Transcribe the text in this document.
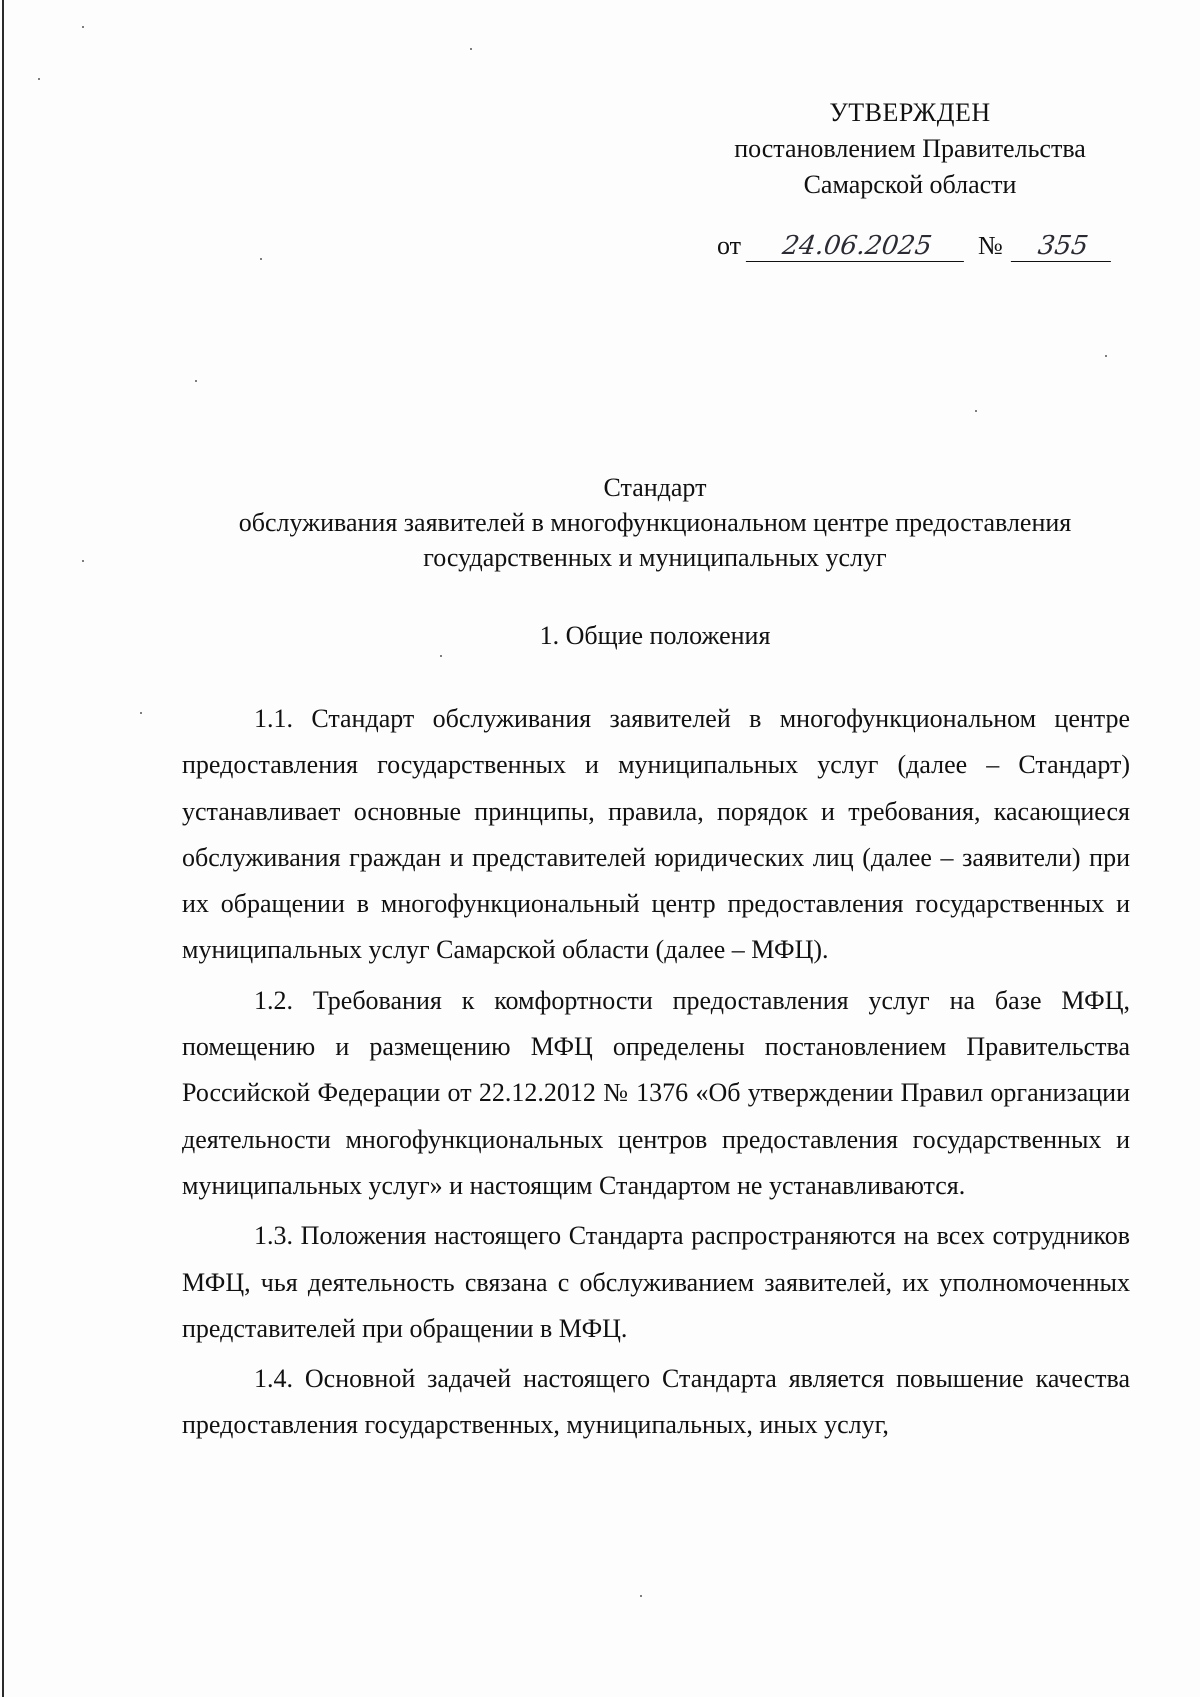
УТВЕРЖДЕН
постановлением Правительства
Самарской области
от 24.06.2025 № 355
Стандарт
обслуживания заявителей в многофункциональном центре предоставления
государственных и муниципальных услуг
1. Общие положения

1.1. Стандарт обслуживания заявителей в многофункциональном центре предоставления государственных и муниципальных услуг (далее – Стандарт) устанавливает основные принципы, правила, порядок и требования, касающиеся обслуживания граждан и представителей юридических лиц (далее – заявители) при их обращении в многофункциональный центр предоставления государственных и муниципальных услуг Самарской области (далее – МФЦ).

1.2. Требования к комфортности предоставления услуг на базе МФЦ, помещению и размещению МФЦ определены постановлением Правительства Российской Федерации от 22.12.2012 № 1376 «Об утверждении Правил организации деятельности многофункциональных центров предоставления государственных и муниципальных услуг» и настоящим Стандартом не устанавливаются.

1.3. Положения настоящего Стандарта распространяются на всех сотрудников МФЦ, чья деятельность связана с обслуживанием заявителей, их уполномоченных представителей при обращении в МФЦ.

1.4. Основной задачей настоящего Стандарта является повышение качества предоставления государственных, муниципальных, иных услуг,
